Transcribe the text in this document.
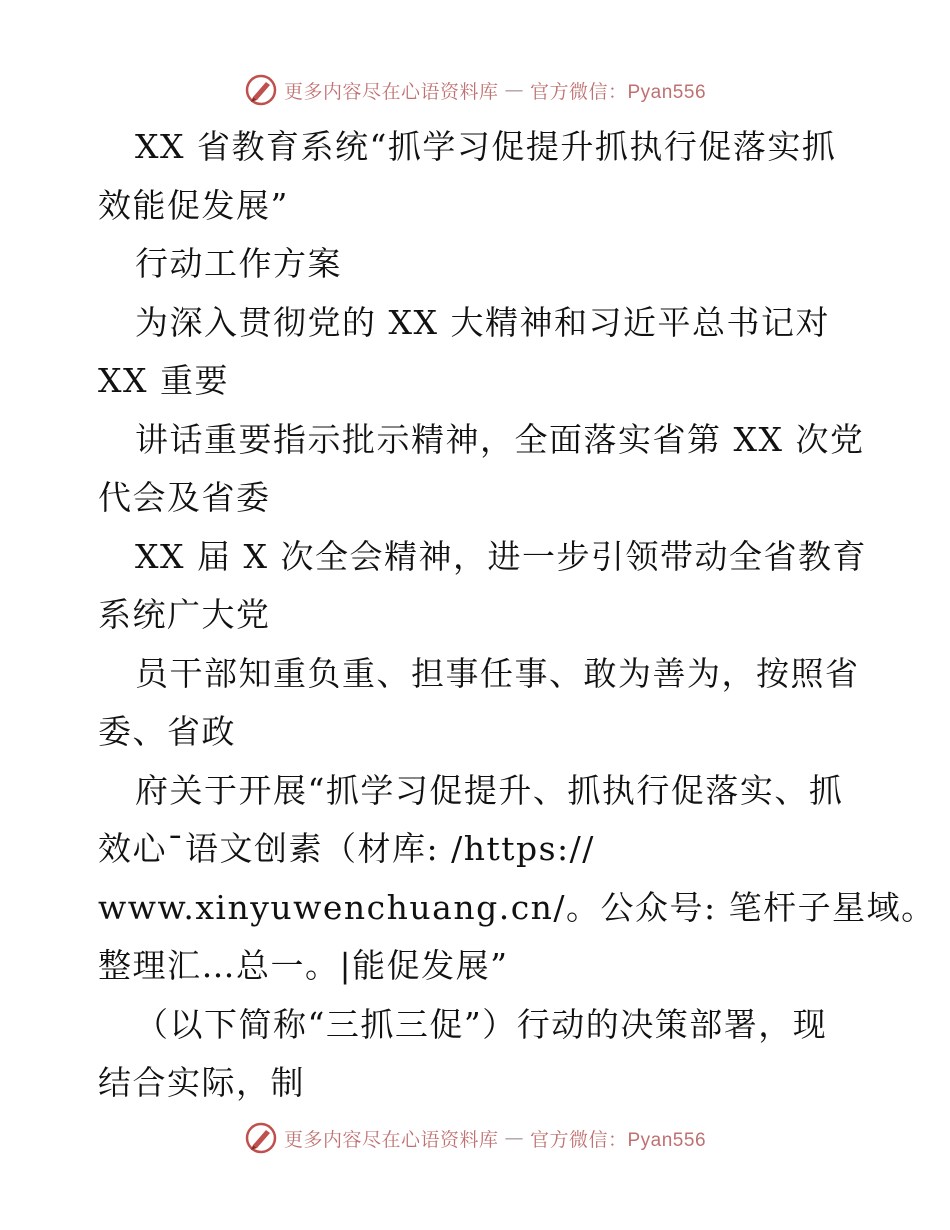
更多内容尽在心语资料库 — 官方微信：Pyan556
XX 省教育系统“抓学习促提升抓执行促落实抓
效能促发展”
行动工作方案
为深入贯彻党的 XX 大精神和习近平总书记对
XX 重要
讲话重要指示批示精神，全面落实省第 XX 次党
代会及省委
XX 届 X 次全会精神，进一步引领带动全省教育
系统广大党
员干部知重负重、担事任事、敢为善为，按照省
委、省政
府关于开展“抓学习促提升、抓执行促落实、抓
效心¯语文创素（材库: /https://
www.xinyuwenchuang.cn/。公众号: 笔杆子星域。
整理汇…总一。|能促发展”
（以下简称“三抓三促”）行动的决策部署，现
结合实际，制
更多内容尽在心语资料库 — 官方微信：Pyan556
